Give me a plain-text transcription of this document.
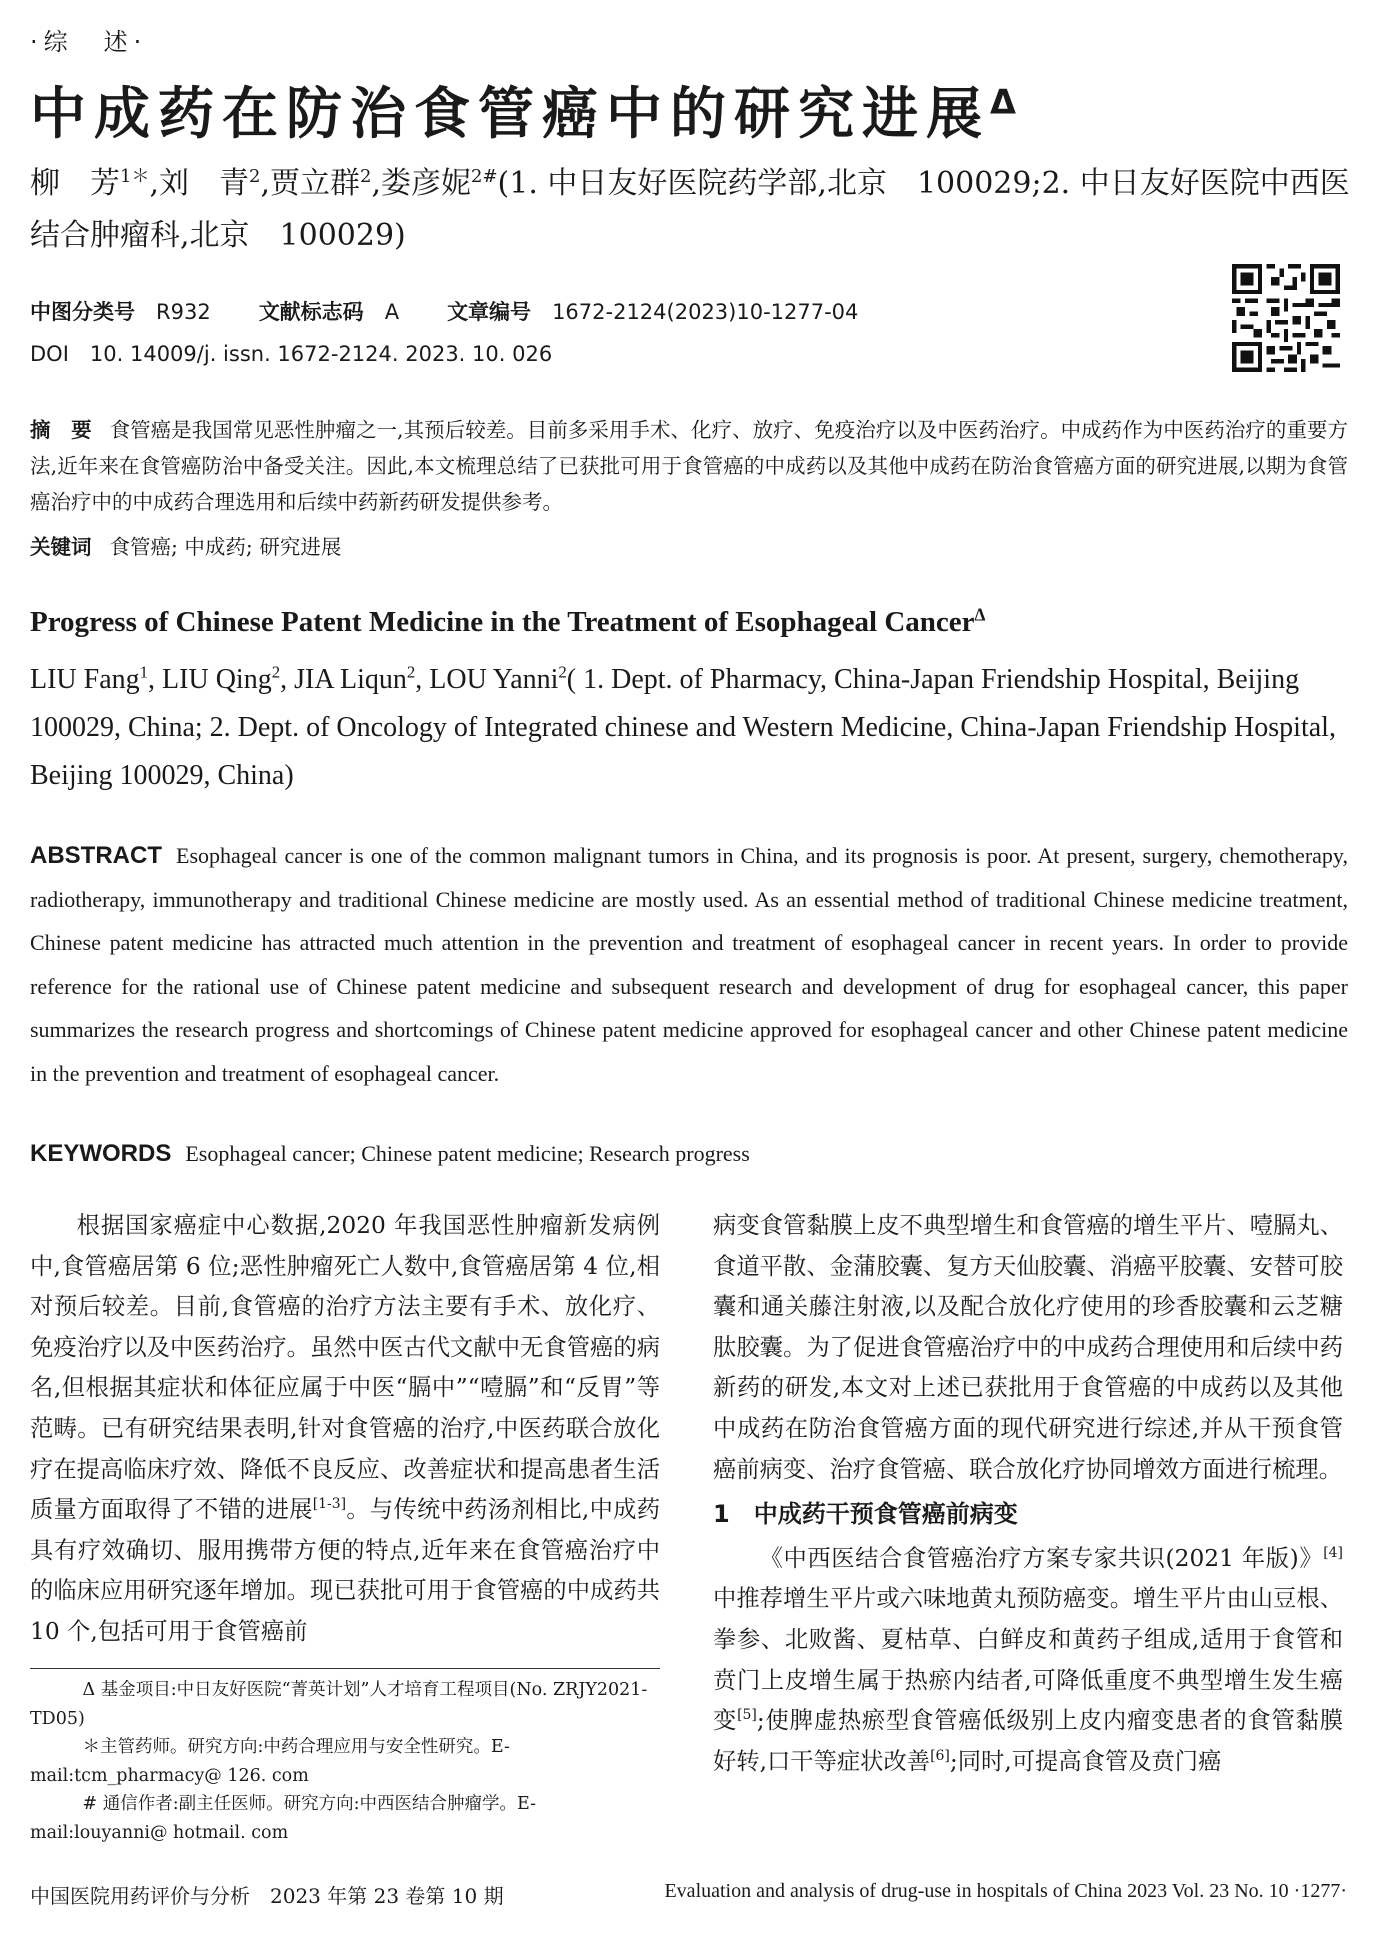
·综　述·
中成药在防治食管癌中的研究进展$^\Delta$
柳　芳$^{1*}$,刘　青$^2$,贾立群$^2$,娄彦妮$^{2\#}$(1. 中日友好医院药学部,北京　100029;2. 中日友好医院中西医结合肿瘤科,北京　100029)
中图分类号　 R932 文献标志码　 A 文章编号　 1672-2124(2023)10-1277-04
DOI　 10. 14009/j. issn. 1672-2124. 2023. 10. 026
摘　要 食管癌是我国常见恶性肿瘤之一,其预后较差。目前多采用手术、化疗、放疗、免疫治疗以及中医药治疗。中成药作为中医药治疗的重要方法,近年来在食管癌防治中备受关注。因此,本文梳理总结了已获批可用于食管癌的中成药以及其他中成药在防治食管癌方面的研究进展,以期为食管癌治疗中的中成药合理选用和后续中药新药研发提供参考。
关键词 食管癌; 中成药; 研究进展
Progress of Chinese Patent Medicine in the Treatment of Esophageal Cancer$^\Delta$
LIU Fang$^1$, LIU Qing$^2$, JIA Liqun$^2$, LOU Yanni$^2$( 1. Dept. of Pharmacy, China-Japan Friendship Hospital, Beijing 100029, China; 2. Dept. of Oncology of Integrated chinese and Western Medicine, China-Japan Friendship Hospital, Beijing 100029, China)
ABSTRACT Esophageal cancer is one of the common malignant tumors in China, and its prognosis is poor. At present, surgery, chemotherapy, radiotherapy, immunotherapy and traditional Chinese medicine are mostly used. As an essential method of traditional Chinese medicine treatment, Chinese patent medicine has attracted much attention in the prevention and treatment of esophageal cancer in recent years. In order to provide reference for the rational use of Chinese patent medicine and subsequent research and development of drug for esophageal cancer, this paper summarizes the research progress and shortcomings of Chinese patent medicine approved for esophageal cancer and other Chinese patent medicine in the prevention and treatment of esophageal cancer.
KEYWORDS Esophageal cancer; Chinese patent medicine; Research progress
根据国家癌症中心数据,2020 年我国恶性肿瘤新发病例中,食管癌居第 6 位;恶性肿瘤死亡人数中,食管癌居第 4 位,相对预后较差。目前,食管癌的治疗方法主要有手术、放化疗、免疫治疗以及中医药治疗。虽然中医古代文献中无食管癌的病名,但根据其症状和体征应属于中医“膈中”“噎膈”和“反胃”等范畴。已有研究结果表明,针对食管癌的治疗,中医药联合放化疗在提高临床疗效、降低不良反应、改善症状和提高患者生活质量方面取得了不错的进展[1-3]。与传统中药汤剂相比,中成药具有疗效确切、服用携带方便的特点,近年来在食管癌治疗中的临床应用研究逐年增加。现已获批可用于食管癌的中成药共 10 个,包括可用于食管癌前
病变食管黏膜上皮不典型增生和食管癌的增生平片、噎膈丸、食道平散、金蒲胶囊、复方天仙胶囊、消癌平胶囊、安替可胶囊和通关藤注射液,以及配合放化疗使用的珍香胶囊和云芝糖肽胶囊。为了促进食管癌治疗中的中成药合理使用和后续中药新药的研发,本文对上述已获批用于食管癌的中成药以及其他中成药在防治食管癌方面的现代研究进行综述,并从干预食管癌前病变、治疗食管癌、联合放化疗协同增效方面进行梳理。
1 中成药干预食管癌前病变
《中西医结合食管癌治疗方案专家共识(2021 年版)》[4]中推荐增生平片或六味地黄丸预防癌变。增生平片由山豆根、拳参、北败酱、夏枯草、白鲜皮和黄药子组成,适用于食管和贲门上皮增生属于热瘀内结者,可降低重度不典型增生发生癌变[5];使脾虚热瘀型食管癌低级别上皮内瘤变患者的食管黏膜好转,口干等症状改善[6];同时,可提高食管及贲门癌
Δ 基金项目:中日友好医院“菁英计划”人才培育工程项目(No. ZRJY2021-TD05)
＊主管药师。研究方向:中药合理应用与安全性研究。E-mail:tcm_pharmacy@ 126. com
# 通信作者:副主任医师。研究方向:中西医结合肿瘤学。E-mail:louyanni@ hotmail. com
中国医院用药评价与分析　2023 年第 23 卷第 10 期	Evaluation and analysis of drug-use in hospitals of China 2023 Vol. 23 No. 10 ·1277·
